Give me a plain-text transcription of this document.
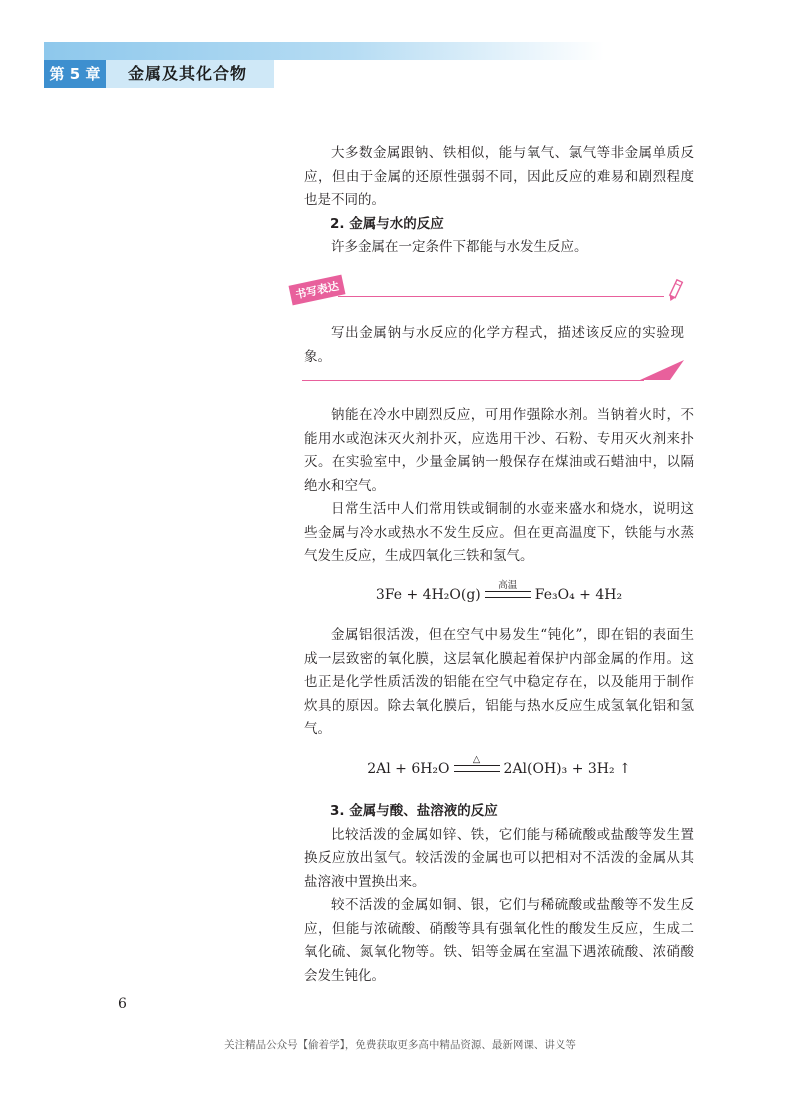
第 5 章	金属及其化合物

大多数金属跟钠、铁相似，能与氧气、氯气等非金属单质反应，但由于金属的还原性强弱不同，因此反应的难易和剧烈程度也是不同的。

2. 金属与水的反应

许多金属在一定条件下都能与水发生反应。

书写表达

写出金属钠与水反应的化学方程式，描述该反应的实验现象。

钠能在冷水中剧烈反应，可用作强除水剂。当钠着火时，不能用水或泡沫灭火剂扑灭，应选用干沙、石粉、专用灭火剂来扑灭。在实验室中，少量金属钠一般保存在煤油或石蜡油中，以隔绝水和空气。

日常生活中人们常用铁或铜制的水壶来盛水和烧水，说明这些金属与冷水或热水不发生反应。但在更高温度下，铁能与水蒸气发生反应，生成四氧化三铁和氢气。

3Fe + 4H₂O(g)
高温
Fe₃O₄ + 4H₂

金属铝很活泼，但在空气中易发生“钝化”，即在铝的表面生成一层致密的氧化膜，这层氧化膜起着保护内部金属的作用。这也正是化学性质活泼的铝能在空气中稳定存在，以及能用于制作炊具的原因。除去氧化膜后，铝能与热水反应生成氢氧化铝和氢气。

2Al + 6H₂O
△
2Al(OH)₃ + 3H₂ ↑

3. 金属与酸、盐溶液的反应

比较活泼的金属如锌、铁，它们能与稀硫酸或盐酸等发生置换反应放出氢气。较活泼的金属也可以把相对不活泼的金属从其盐溶液中置换出来。

较不活泼的金属如铜、银，它们与稀硫酸或盐酸等不发生反应，但能与浓硫酸、硝酸等具有强氧化性的酸发生反应，生成二氧化硫、氮氧化物等。铁、铝等金属在室温下遇浓硫酸、浓硝酸会发生钝化。

6
关注精品公众号【偷着学】，免费获取更多高中精品资源、最新网课、讲义等
